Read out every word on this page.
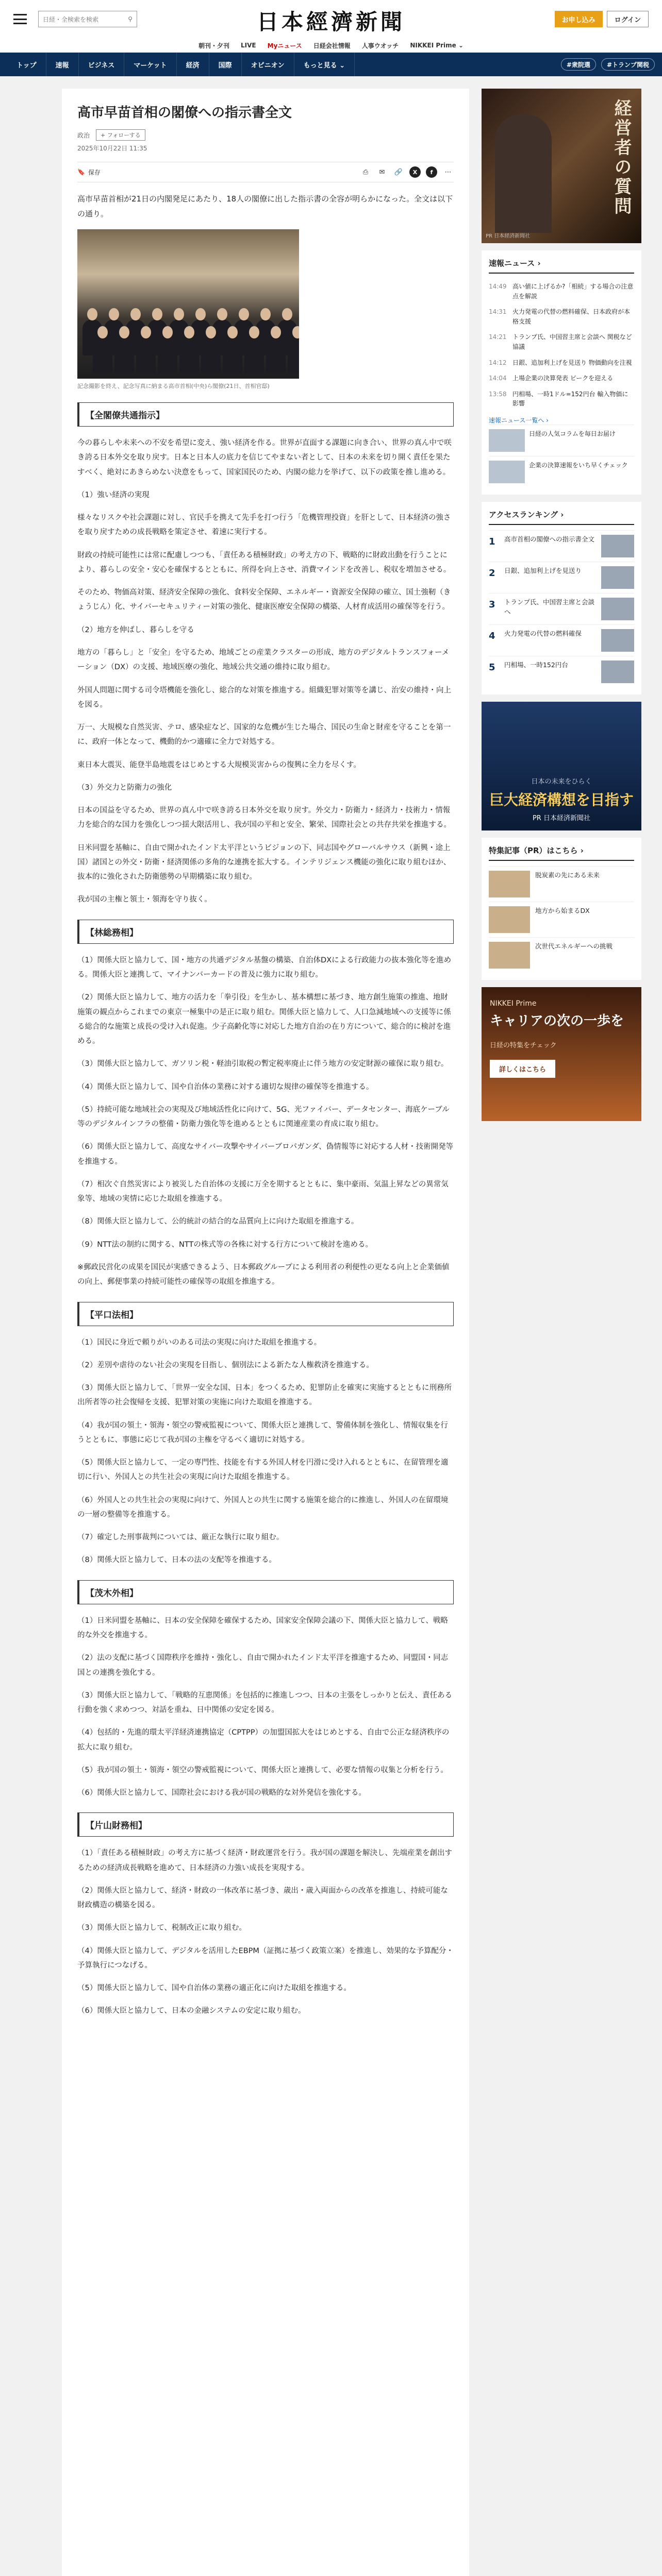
日経・全検索を検索	⚲	日本經濟新聞	お申し込み	ログイン
朝刊・夕刊 LIVE Myニュース 日経会社情報 人事ウオッチ NIKKEI Prime ⌄
トップ	速報	ビジネス	マーケット	経済	国際	オピニオン	もっと見る ⌄	#衆院選	#トランプ関税
高市早苗首相の閣僚への指示書全文
政治	+ フォローする
2025年10月22日 11:35
🔖 保存	⎙	✉	🔗	X	f	⋯

高市早苗首相が21日の内閣発足にあたり、18人の閣僚に出した指示書の全容が明らかになった。全文は以下の通り。

記念撮影を終え、記念写真に納まる高市首相(中央)ら閣僚(21日、首相官邸)
【全閣僚共通指示】

今の暮らしや未来への不安を希望に変え、強い経済を作る。世界が直面する課題に向き合い、世界の真ん中で咲き誇る日本外交を取り戻す。日本と日本人の底力を信じてやまない者として、日本の未来を切り開く責任を果たすべく、絶対にあきらめない決意をもって、国家国民のため、内閣の総力を挙げて、以下の政策を推し進める。

（1）強い経済の実現

様々なリスクや社会課題に対し、官民手を携えて先手を打つ行う「危機管理投資」を肝として、日本経済の強さを取り戻すための成長戦略を策定させ、着速に実行する。

財政の持続可能性には常に配慮しつつも、「責任ある積極財政」の考え方の下、戦略的に財政出動を行うことにより、暮らしの安全・安心を確保するとともに、所得を向上させ、消費マインドを改善し、税収を増加させる。

そのため、物価高対策、経済安全保障の強化、食料安全保障、エネルギー・資源安全保障の確立、国土強靭（きょうじん）化、サイバーセキュリティー対策の強化、健康医療安全保障の構築、人材育成活用の確保等を行う。

（2）地方を伸ばし、暮らしを守る

地方の「暮らし」と「安全」を守るため、地域ごとの産業クラスターの形成、地方のデジタルトランスフォーメーション（DX）の支援、地域医療の強化、地域公共交通の維持に取り組む。

外国人問題に関する司令塔機能を強化し、総合的な対策を推進する。組織犯罪対策等を講じ、治安の維持・向上を図る。

万一、大規模な自然災害、テロ、感染症など、国家的な危機が生じた場合、国民の生命と財産を守ることを第一に、政府一体となって、機動的かつ適確に全力で対処する。

東日本大震災、能登半島地震をはじめとする大規模災害からの復興に全力を尽くす。

（3）外交力と防衛力の強化

日本の国益を守るため、世界の真ん中で咲き誇る日本外交を取り戻す。外交力・防衛力・経済力・技術力・情報力を総合的な国力を強化しつつ揺大限活用し、我が国の平和と安全、繁栄、国際社会との共存共栄を推進する。

日米同盟を基軸に、自由で開かれたインド太平洋というビジョンの下、同志国やグローバルサウス（新興・途上国）諸国との外交・防衛・経済関係の多角的な連携を拡大する。インテリジェンス機能の強化に取り組むほか、抜本的に強化された防衛態勢の早期構築に取り組む。

我が国の主権と領土・領海を守り抜く。

【林総務相】

（1）関係大臣と協力して、国・地方の共通デジタル基盤の構築、自治体DXによる行政能力の抜本強化等を進める。関係大臣と連携して、マイナンバーカードの普及に強力に取り組む。

（2）関係大臣と協力して、地方の活力を「拳引役」を生かし、基本構想に基づき、地方創生施策の推進、地財施策の観点からこれまでの東京一極集中の是正に取り組む。関係大臣と協力して、人口急減地域への支援等に係る総合的な施策と成長の受け入れ促進。少子高齢化等に対応した地方自治の在り方について、総合的に検討を進める。

（3）関係大臣と協力して、ガソリン税・軽油引取税の暫定税率廃止に伴う地方の安定財源の確保に取り組む。

（4）関係大臣と協力して、国や自治体の業務に対する適切な規律の確保等を推進する。

（5）持続可能な地域社会の実現及び地域活性化に向けて、5G、光ファイバー、データセンター、海底ケーブル等のデジタルインフラの整備・防衛力強化等を進めるとともに関連産業の育成に取り組む。

（6）関係大臣と協力して、高度なサイバー攻撃やサイバーブロパガンダ、偽情報等に対応する人材・技術開発等を推進する。

（7）相次ぐ自然災害により被災した自治体の支援に万全を期するとともに、集中豪雨、気温上昇などの異常気象等、地域の実情に応じた取組を推進する。

（8）関係大臣と協力して、公的統計の結合的な品質向上に向けた取組を推進する。

（9）NTT法の制約に関する、NTTの株式等の各株に対する行方について検討を進める。

※郵政民営化の成果を国民が実感できるよう、日本郵政グループによる利用者の利便性の更なる向上と企業価値の向上、郵便事業の持続可能性の確保等の取組を推進する。

【平口法相】

（1）国民に身近で頼りがいのある司法の実現に向けた取組を推進する。

（2）差別や虐待のない社会の実現を目指し、個別法による新たな人権救済を推進する。

（3）関係大臣と協力して、「世界一安全な国、日本」をつくるため、犯罪防止を確実に実施するとともに刑務所出所者等の社会復帰を支援、犯罪対策の実施に向けた取組を推進する。

（4）我が国の領土・領海・領空の警戒監視について、関係大臣と連携して、警備体制を強化し、情報収集を行うとともに、事態に応じて我が国の主権を守るべく適切に対処する。

（5）関係大臣と協力して、一定の専門性、技能を有する外国人材を円滑に受け入れるとともに、在留管理を適切に行い、外国人との共生社会の実現に向けた取組を推進する。

（6）外国人との共生社会の実現に向けて、外国人との共生に関する施策を総合的に推進し、外国人の在留環境の一層の整備等を推進する。

（7）確定した刑事裁判については、厳正な執行に取り組む。

（8）関係大臣と協力して、日本の法の支配等を推進する。

【茂木外相】

（1）日米同盟を基軸に、日本の安全保障を確保するため、国家安全保障会議の下、関係大臣と協力して、戦略的な外交を推進する。

（2）法の支配に基づく国際秩序を維持・強化し、自由で開かれたインド太平洋を推進するため、同盟国・同志国との連携を強化する。

（3）関係大臣と協力して、「戦略的互恵関係」を包括的に推進しつつ、日本の主張をしっかりと伝え、責任ある行動を強く求めつつ、対話を重ね、日中関係の安定を図る。

（4）包括的・先進的環太平洋経済連携協定（CPTPP）の加盟国拡大をはじめとする、自由で公正な経済秩序の拡大に取り組む。

（5）我が国の領土・領海・領空の警戒監視について、関係大臣と連携して、必要な情報の収集と分析を行う。

（6）関係大臣と協力して、国際社会における我が国の戦略的な対外発信を強化する。

【片山財務相】

（1）「責任ある積極財政」の考え方に基づく経済・財政運営を行う。我が国の課題を解決し、先端産業を創出するための経済成長戦略を進めて、日本経済の力強い成長を実現する。

（2）関係大臣と協力して、経済・財政の一体改革に基づき、歳出・歳入両面からの改革を推進し、持続可能な財政構造の構築を図る。

（3）関係大臣と協力して、税制改正に取り組む。

（4）関係大臣と協力して、デジタルを活用したEBPM（証拠に基づく政策立案）を推進し、効果的な予算配分・予算執行につなげる。

（5）関係大臣と協力して、国や自治体の業務の適正化に向けた取組を推進する。

（6）関係大臣と協力して、日本の金融システムの安定に取り組む。

経営者の質問
PR 日本経済新聞社
速報ニュース ›
14:49 高い値に上げるか?「相続」する場合の注意点を解説
14:31 火力発電の代替の燃料確保、日本政府が本格支援
14:21 トランプ氏、中国習主席と会談へ 関税など協議
14:12 日銀、追加利上げを見送り 物価動向を注視
14:04 上場企業の決算発表 ピークを迎える
13:58 円相場、一時1ドル=152円台 輸入物価に影響
速報ニュース一覧へ ›
日経の人気コラムを毎日お届け
企業の決算速報をいち早くチェック
アクセスランキング ›
1	高市首相の閣僚への指示書全文
2	日銀、追加利上げを見送り
3	トランプ氏、中国習主席と会談へ
4	火力発電の代替の燃料確保
5	円相場、一時152円台
日本の未来をひらく
巨大経済構想を目指す
PR 日本経済新聞社
特集記事（PR）はこちら ›
脱炭素の先にある未来
地方から始まるDX
次世代エネルギーへの挑戦
NIKKEI Prime
キャリアの次の一歩を
日経の特集をチェック
詳しくはこちら
